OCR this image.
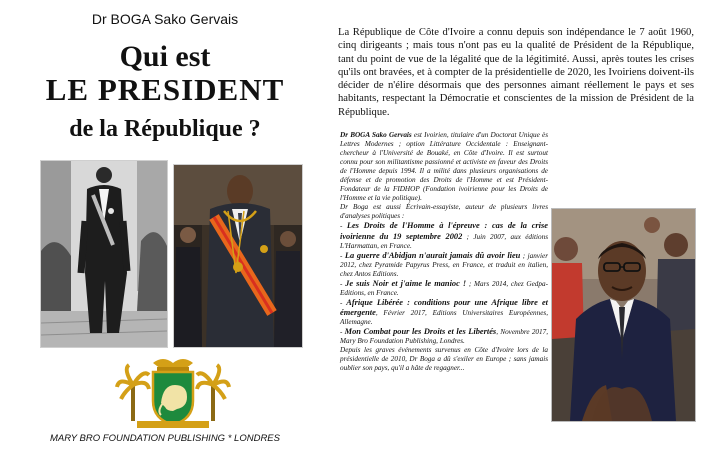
Dr BOGA Sako Gervais
Qui est
LE PRESIDENT
de la République ?
MARY BRO FOUNDATION PUBLISHING * LONDRES

La République de Côte d'Ivoire a connu depuis son indépendance le 7 août 1960, cinq dirigeants ; mais tous n'ont pas eu la qualité de Président de la République, tant du point de vue de la légalité que de la légitimité. Aussi, après toutes les crises qu'ils ont bravées, et à compter de la présidentielle de 2020, les Ivoiriens doivent-ils décider de n'élire désormais que des personnes aimant réellement le pays et ses habitants, respectant la Démocratie et conscientes de la mission de Président de la République.

Dr BOGA Sako Gervais est Ivoirien, titulaire d'un Doctorat Unique ès Lettres Modernes ; option Littérature Occidentale : Enseignant-chercheur à l'Université de Bouaké, en Côte d'Ivoire. Il est surtout connu pour son militantisme passionné et activiste en faveur des Droits de l'Homme depuis 1994. Il a milité dans plusieurs organisations de défense et de promotion des Droits de l'Homme et est Président-Fondateur de la FIDHOP (Fondation ivoirienne pour les Droits de l'Homme et la vie politique).

Dr Boga est aussi Écrivain-essayiste, auteur de plusieurs livres d'analyses politiques :

- Les Droits de l'Homme à l'épreuve : cas de la crise ivoirienne du 19 septembre 2002 ; Juin 2007, aux éditions L'Harmattan, en France.

- La guerre d'Abidjan n'aurait jamais dû avoir lieu ; janvier 2012, chez Pyramide Papyrus Press, en France, et traduit en italien, chez Antos Editions.

- Je suis Noir et j'aime le manioc ! ; Mars 2014, chez Gedpa-Editions, en France.

- Afrique Libérée : conditions pour une Afrique libre et émergente, Février 2017, Editions Universitaires Européennes, Allemagne.

- Mon Combat pour les Droits et les Libertés, Novembre 2017, Mary Bro Foundation Publishing, Londres.

Depuis les graves événements survenus en Côte d'Ivoire lors de la présidentielle de 2010, Dr Boga a dû s'exiler en Europe ; sans jamais oublier son pays, qu'il a hâte de regagner...
